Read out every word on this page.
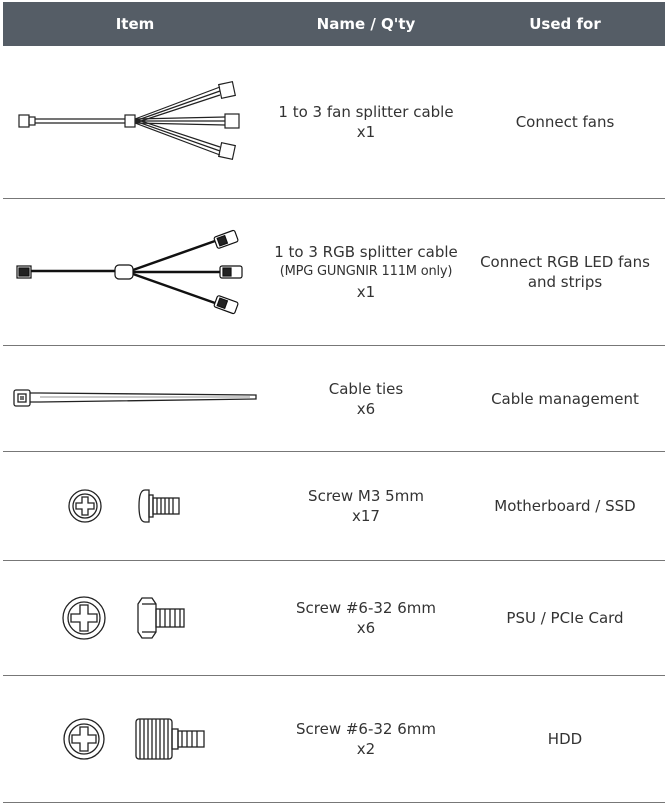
Item	Name / Q'ty	Used for
1 to 3 fan splitter cable
x1
Connect fans
1 to 3 RGB splitter cable
(MPG GUNGNIR 111M only)
x1
Connect RGB LED fans
and strips
Cable ties
x6
Cable management
Screw M3 5mm
x17
Motherboard / SSD
Screw #6-32 6mm
x6
PSU / PCIe Card
Screw #6-32 6mm
x2
HDD
